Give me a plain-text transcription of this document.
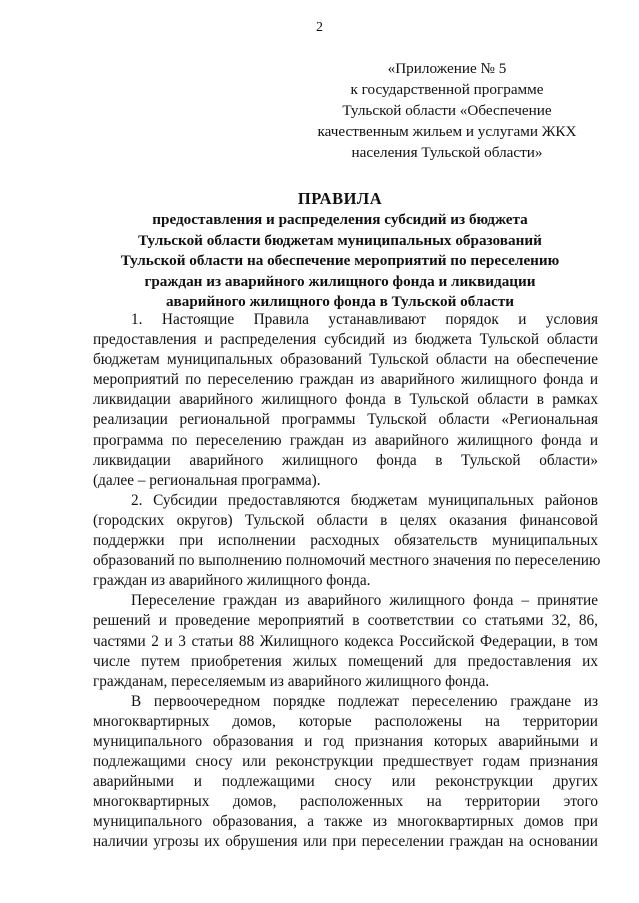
2
«Приложение № 5
к государственной программе
Тульской области «Обеспечение
качественным жильем и услугами ЖКХ
населения Тульской области»
ПРАВИЛА
предоставления и распределения субсидий из бюджета
Тульской области бюджетам муниципальных образований
Тульской области на обеспечение мероприятий по переселению
граждан из аварийного жилищного фонда и ликвидации
аварийного жилищного фонда в Тульской области
1. Настоящие Правила устанавливают порядок и условия
предоставления и распределения субсидий из бюджета Тульской области
бюджетам муниципальных образований Тульской области на обеспечение
мероприятий по переселению граждан из аварийного жилищного фонда и
ликвидации аварийного жилищного фонда в Тульской области в рамках
реализации региональной программы Тульской области «Региональная
программа по переселению граждан из аварийного жилищного фонда и
ликвидации аварийного жилищного фонда в Тульской области»
(далее – региональная программа).
2. Субсидии предоставляются бюджетам муниципальных районов
(городских округов) Тульской области в целях оказания финансовой
поддержки при исполнении расходных обязательств муниципальных
образований по выполнению полномочий местного значения по переселению
граждан из аварийного жилищного фонда.
Переселение граждан из аварийного жилищного фонда – принятие
решений и проведение мероприятий в соответствии со статьями 32, 86,
частями 2 и 3 статьи 88 Жилищного кодекса Российской Федерации, в том
числе путем приобретения жилых помещений для предоставления их
гражданам, переселяемым из аварийного жилищного фонда.
В первоочередном порядке подлежат переселению граждане из
многоквартирных домов, которые расположены на территории
муниципального образования и год признания которых аварийными и
подлежащими сносу или реконструкции предшествует годам признания
аварийными и подлежащими сносу или реконструкции других
многоквартирных домов, расположенных на территории этого
муниципального образования, а также из многоквартирных домов при
наличии угрозы их обрушения или при переселении граждан на основании
